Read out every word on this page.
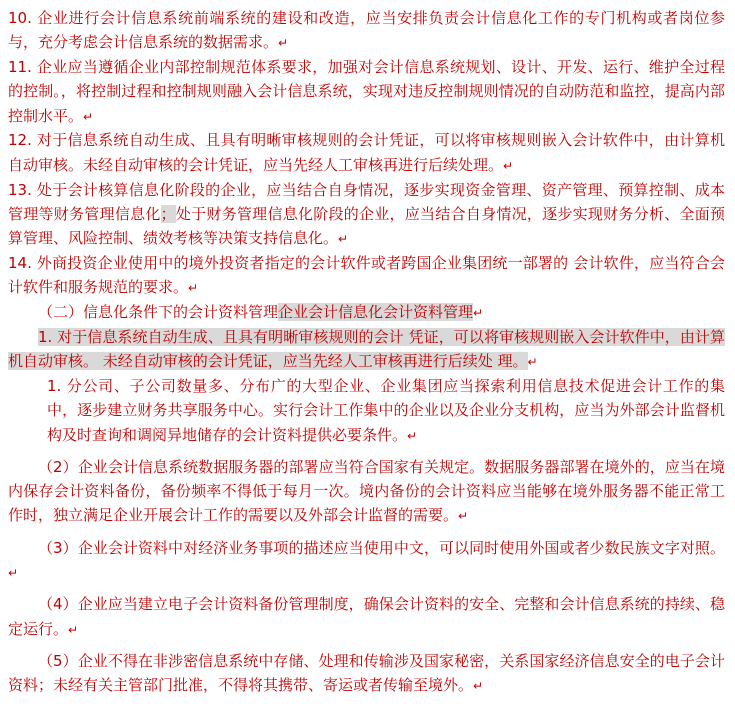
10. 企业进行会计信息系统前端系统的建设和改造，应当安排负责会计信息化工作的专门机构或者岗位参与，充分考虑会计信息系统的数据需求。↵

11. 企业应当遵循企业内部控制规范体系要求，加强对会计信息系统规划、设计、开发、运行、维护全过程的控制。，将控制过程和控制规则融入会计信息系统，实现对违反控制规则情况的自动防范和监控，提高内部控制水平。↵

12. 对于信息系统自动生成、且具有明晰审核规则的会计凭证，可以将审核规则嵌入会计软件中，由计算机自动审核。未经自动审核的会计凭证，应当先经人工审核再进行后续处理。↵

13. 处于会计核算信息化阶段的企业，应当结合自身情况，逐步实现资金管理、资产管理、预算控制、成本管理等财务管理信息化；处于财务管理信息化阶段的企业，应当结合自身情况，逐步实现财务分析、全面预算管理、风险控制、绩效考核等决策支持信息化。↵

14. 外商投资企业使用中的境外投资者指定的会计软件或者跨国企业集团统一部署的 会计软件，应当符合会计软件和服务规范的要求。↵

（二）信息化条件下的会计资料管理企业会计信息化会计资料管理↵

1. 对于信息系统自动生成、且具有明晰审核规则的会计 凭证，可以将审核规则嵌入会计软件中，由计算机自动审核。 未经自动审核的会计凭证，应当先经人工审核再进行后续处 理。↵

1. 分公司、子公司数量多、分布广的大型企业、企业集团应当探索利用信息技术促进会计工作的集中，逐步建立财务共享服务中心。实行会计工作集中的企业以及企业分支机构，应当为外部会计监督机构及时查询和调阅异地储存的会计资料提供必要条件。↵

（2）企业会计信息系统数据服务器的部署应当符合国家有关规定。数据服务器部署在境外的，应当在境内保存会计资料备份，备份频率不得低于每月一次。境内备份的会计资料应当能够在境外服务器不能正常工作时，独立满足企业开展会计工作的需要以及外部会计监督的需要。↵

（3）企业会计资料中对经济业务事项的描述应当使用中文，可以同时使用外国或者少数民族文字对照。↵

（4）企业应当建立电子会计资料备份管理制度，确保会计资料的安全、完整和会计信息系统的持续、稳定运行。↵

（5）企业不得在非涉密信息系统中存储、处理和传输涉及国家秘密，关系国家经济信息安全的电子会计资料；未经有关主管部门批准，不得将其携带、寄运或者传输至境外。↵
